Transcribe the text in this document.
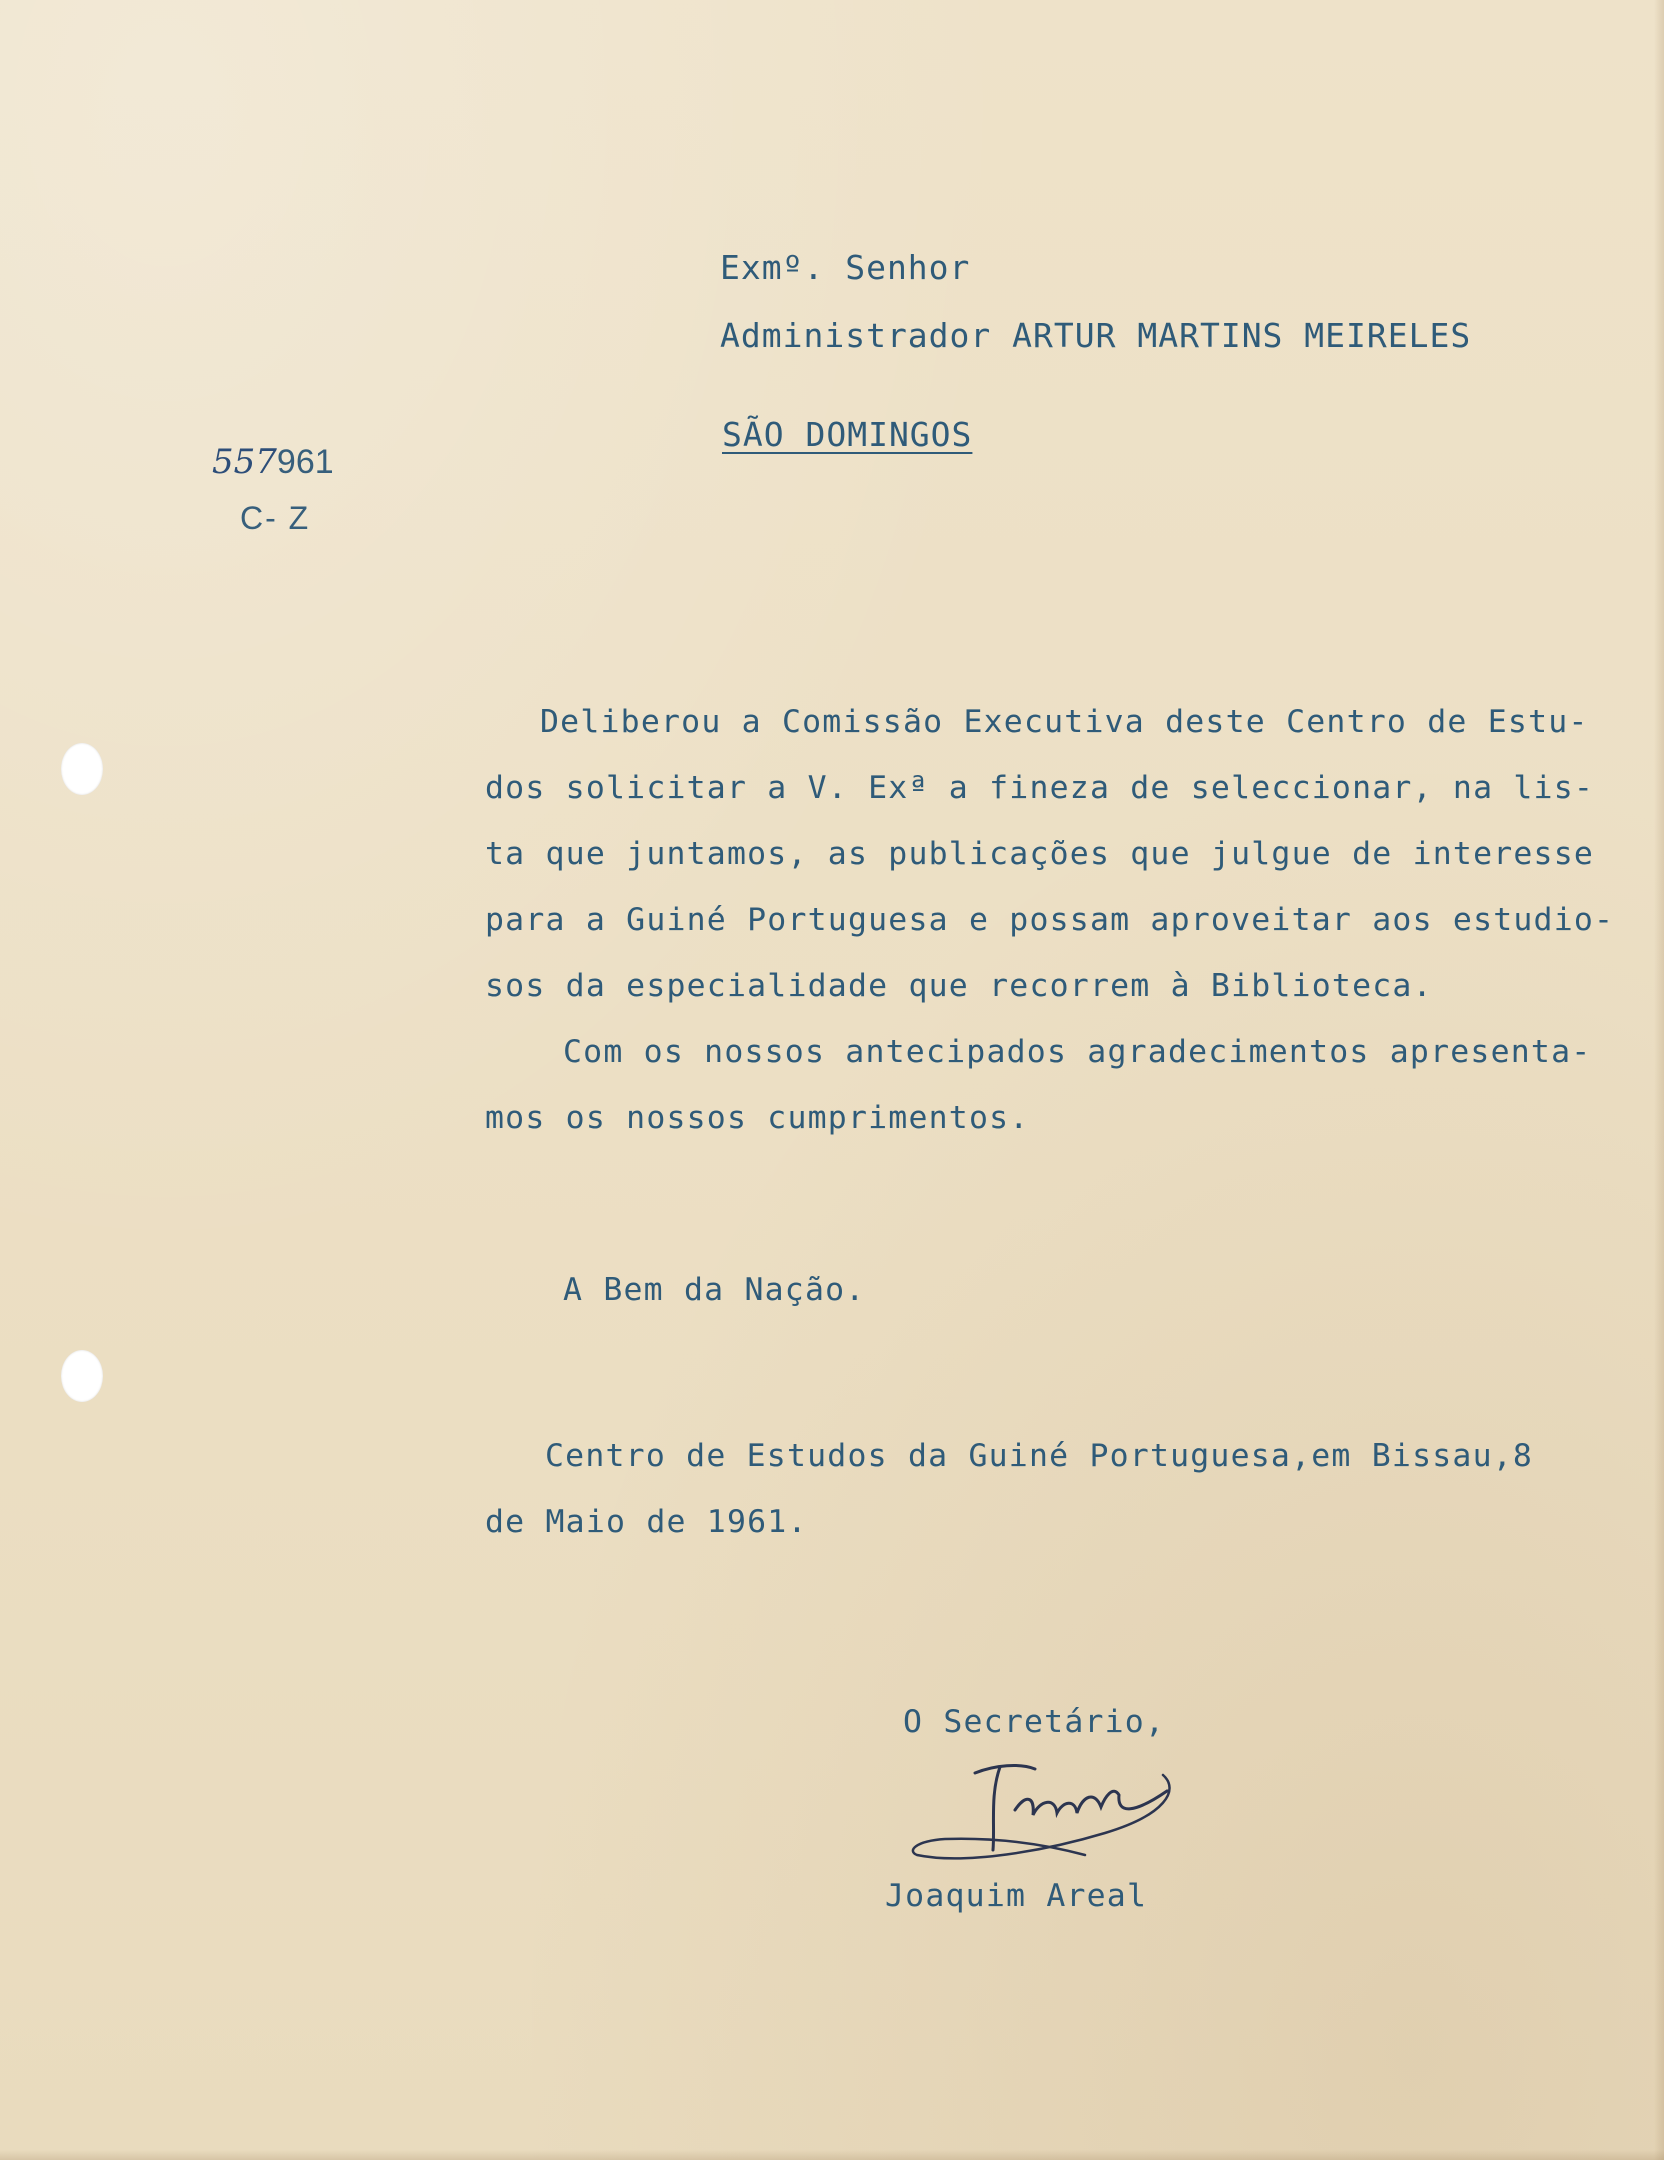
Exmº. Senhor
Administrador ARTUR MARTINS MEIRELES
SÃO DOMINGOS
557961
C- Z
Deliberou a Comissão Executiva deste Centro de Estu-
dos solicitar a V. Exª a fineza de seleccionar, na lis-
ta que juntamos, as publicações que julgue de interesse
para a Guiné Portuguesa e possam aproveitar aos estudio-
sos da especialidade que recorrem à Biblioteca.
Com os nossos antecipados agradecimentos apresenta-
mos os nossos cumprimentos.
A Bem da Nação.
Centro de Estudos da Guiné Portuguesa,em Bissau,8
de Maio de 1961.
O Secretário,
Joaquim Areal
